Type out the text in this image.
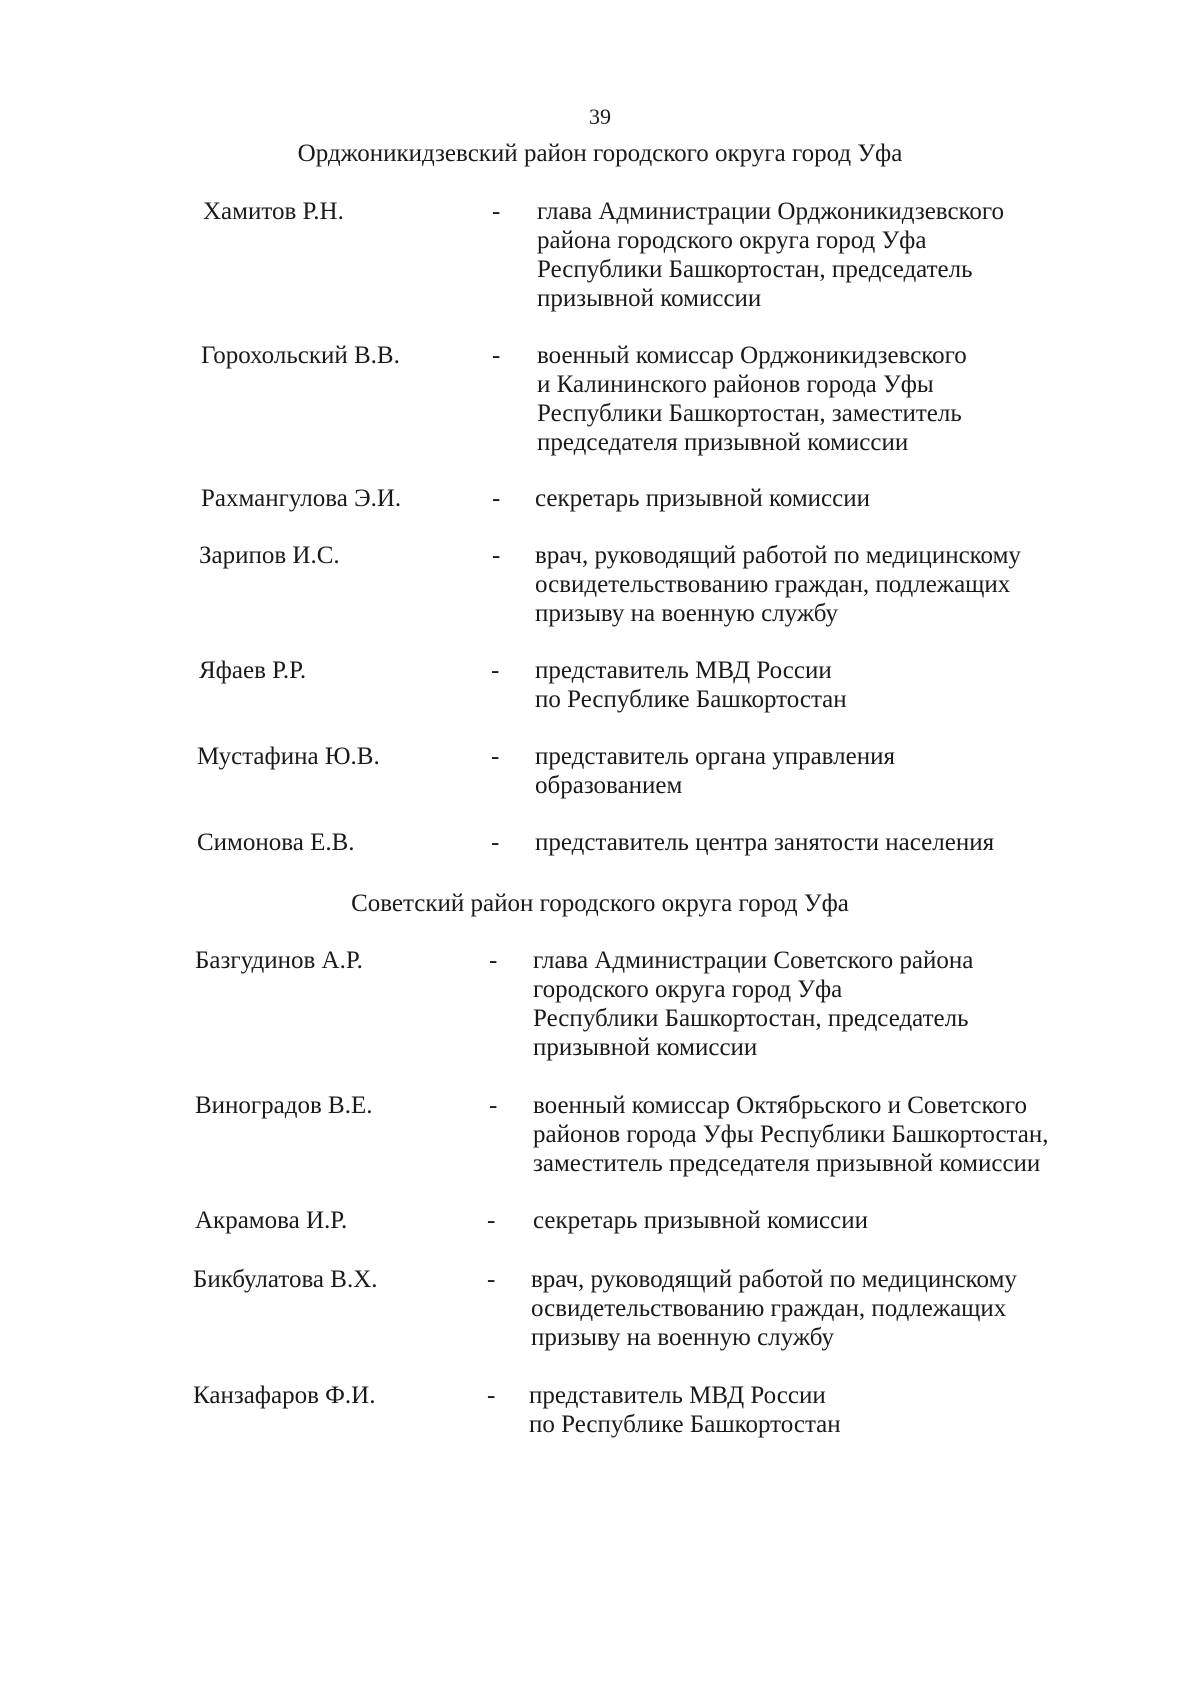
39
Орджоникидзевский район городского округа город Уфа
Хамитов Р.Н.	- глава Администрации Орджоникидзевского
района городского округа город Уфа
Республики Башкортостан, председатель
призывной комиссии
Горохольский В.В.	- военный комиссар Орджоникидзевского
и Калининского районов города Уфы
Республики Башкортостан, заместитель
председателя призывной комиссии
Рахмангулова Э.И.	- секретарь призывной комиссии
Зарипов И.С.	- врач, руководящий работой по медицинскому
освидетельствованию граждан, подлежащих
призыву на военную службу
Яфаев Р.Р.	- представитель МВД России
по Республике Башкортостан
Мустафина Ю.В.	- представитель органа управления
образованием
Симонова Е.В.	- представитель центра занятости населения
Советский район городского округа город Уфа
Базгудинов А.Р.	- глава Администрации Советского района
городского округа город Уфа
Республики Башкортостан, председатель
призывной комиссии
Виноградов В.Е.	- военный комиссар Октябрьского и Советского
районов города Уфы Республики Башкортостан,
заместитель председателя призывной комиссии
Акрамова И.Р.	- секретарь призывной комиссии
Бикбулатова В.Х.	- врач, руководящий работой по медицинскому
освидетельствованию граждан, подлежащих
призыву на военную службу
Канзафаров Ф.И.	- представитель МВД России
по Республике Башкортостан
